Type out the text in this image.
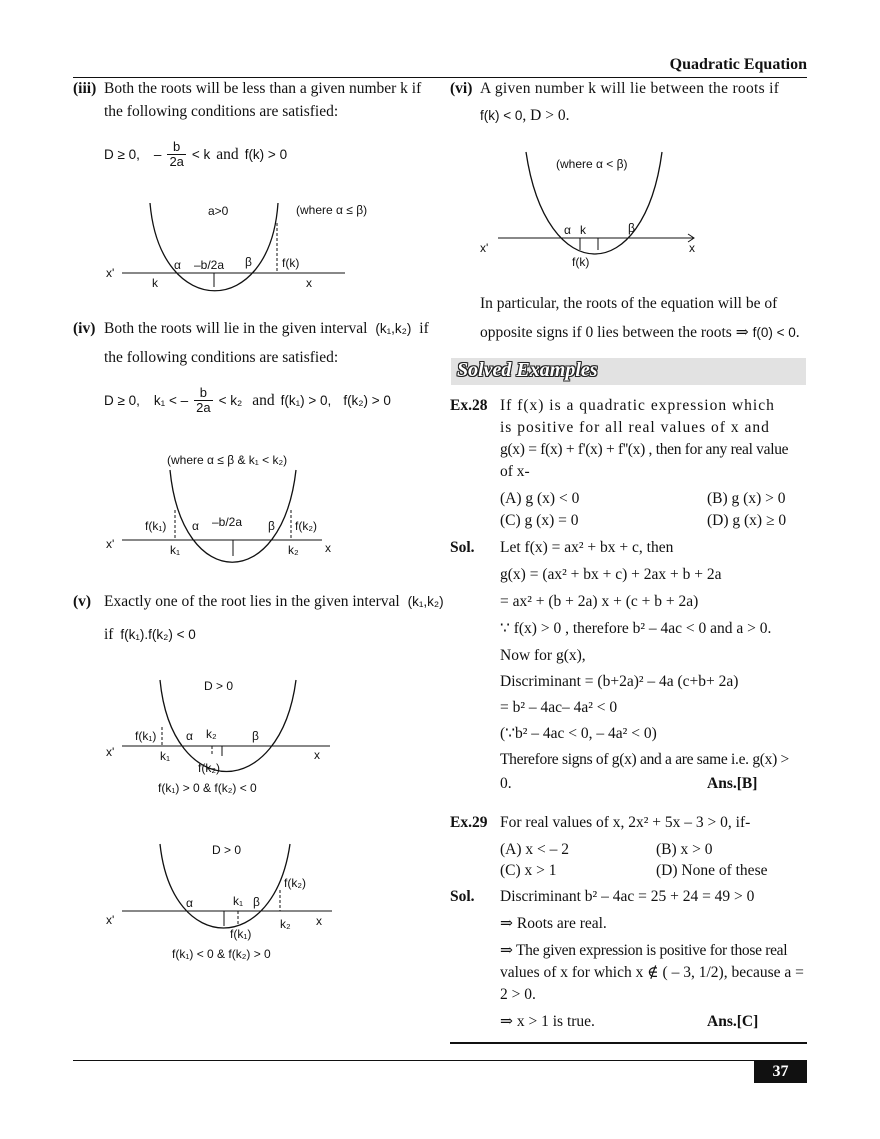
Quadratic Equation
(iii) Both the roots will be less than a given number k if
the following conditions are satisfied:
D ≥ 0, – $\frac{b}{2a} < k$ and f(k) > 0
a>0	(where α ≤ β)
α –b/2a β	f(k)
x'
k	x
(iv) Both the roots will lie in the given interval (k₁,k₂) if
the following conditions are satisfied:
D ≥ 0, k₁ < – $\frac{b}{2a} < k_2$ and f(k₁) > 0, f(k₂) > 0
(where α ≤ β & k₁ < k₂)
f(k₁) α –b/2a β f(k₂)
x'	k₁	k₂ x
(v) Exactly one of the root lies in the given interval (k₁,k₂)
if f(k₁).f(k₂) < 0
D > 0
f(k₁) α k₂	β
x'	k₁
f(k₂)
x
f(k₁) > 0 & f(k₂) < 0
D > 0
f(k₂)
α	k₁ β
x'	k₂ x
f(k₁)
f(k₁) < 0 & f(k₂) > 0
(vi) A given number k will lie between the roots if
f(k) < 0, D > 0.
(where α < β)
α k	β
x'	x
f(k)
In particular, the roots of the equation will be of
opposite signs if 0 lies between the roots ⇒ f(0) < 0.
Solved Examples
Ex.28 If f(x) is a quadratic expression which
is positive for all real values of x and
g(x) = f(x) + f'(x) + f''(x) , then for any real value
of x-
(A) g (x) < 0	(B) g (x) > 0
(C) g (x) = 0	(D) g (x) ≥ 0
Sol. Let f(x) = ax² + bx + c, then
g(x) = (ax² + bx + c) + 2ax + b + 2a
= ax² + (b + 2a) x + (c + b + 2a)
∵ f(x) > 0 , therefore b² – 4ac < 0 and a > 0.
Now for g(x),
Discriminant = (b+2a)² – 4a (c+b+ 2a)
= b² – 4ac– 4a² < 0
(∵b² – 4ac < 0, – 4a² < 0)
Therefore signs of g(x) and a are same i.e. g(x) >
0.	Ans.[B]
Ex.29 For real values of x, 2x² + 5x – 3 > 0, if-
(A) x < – 2	(B) x > 0
(C) x > 1	(D) None of these
Sol. Discriminant b² – 4ac = 25 + 24 = 49 > 0
⇒ Roots are real.
⇒ The given expression is positive for those real
values of x for which x ∉ ( – 3, 1/2), because a =
2 > 0.
⇒ x > 1 is true.	Ans.[C]
37
